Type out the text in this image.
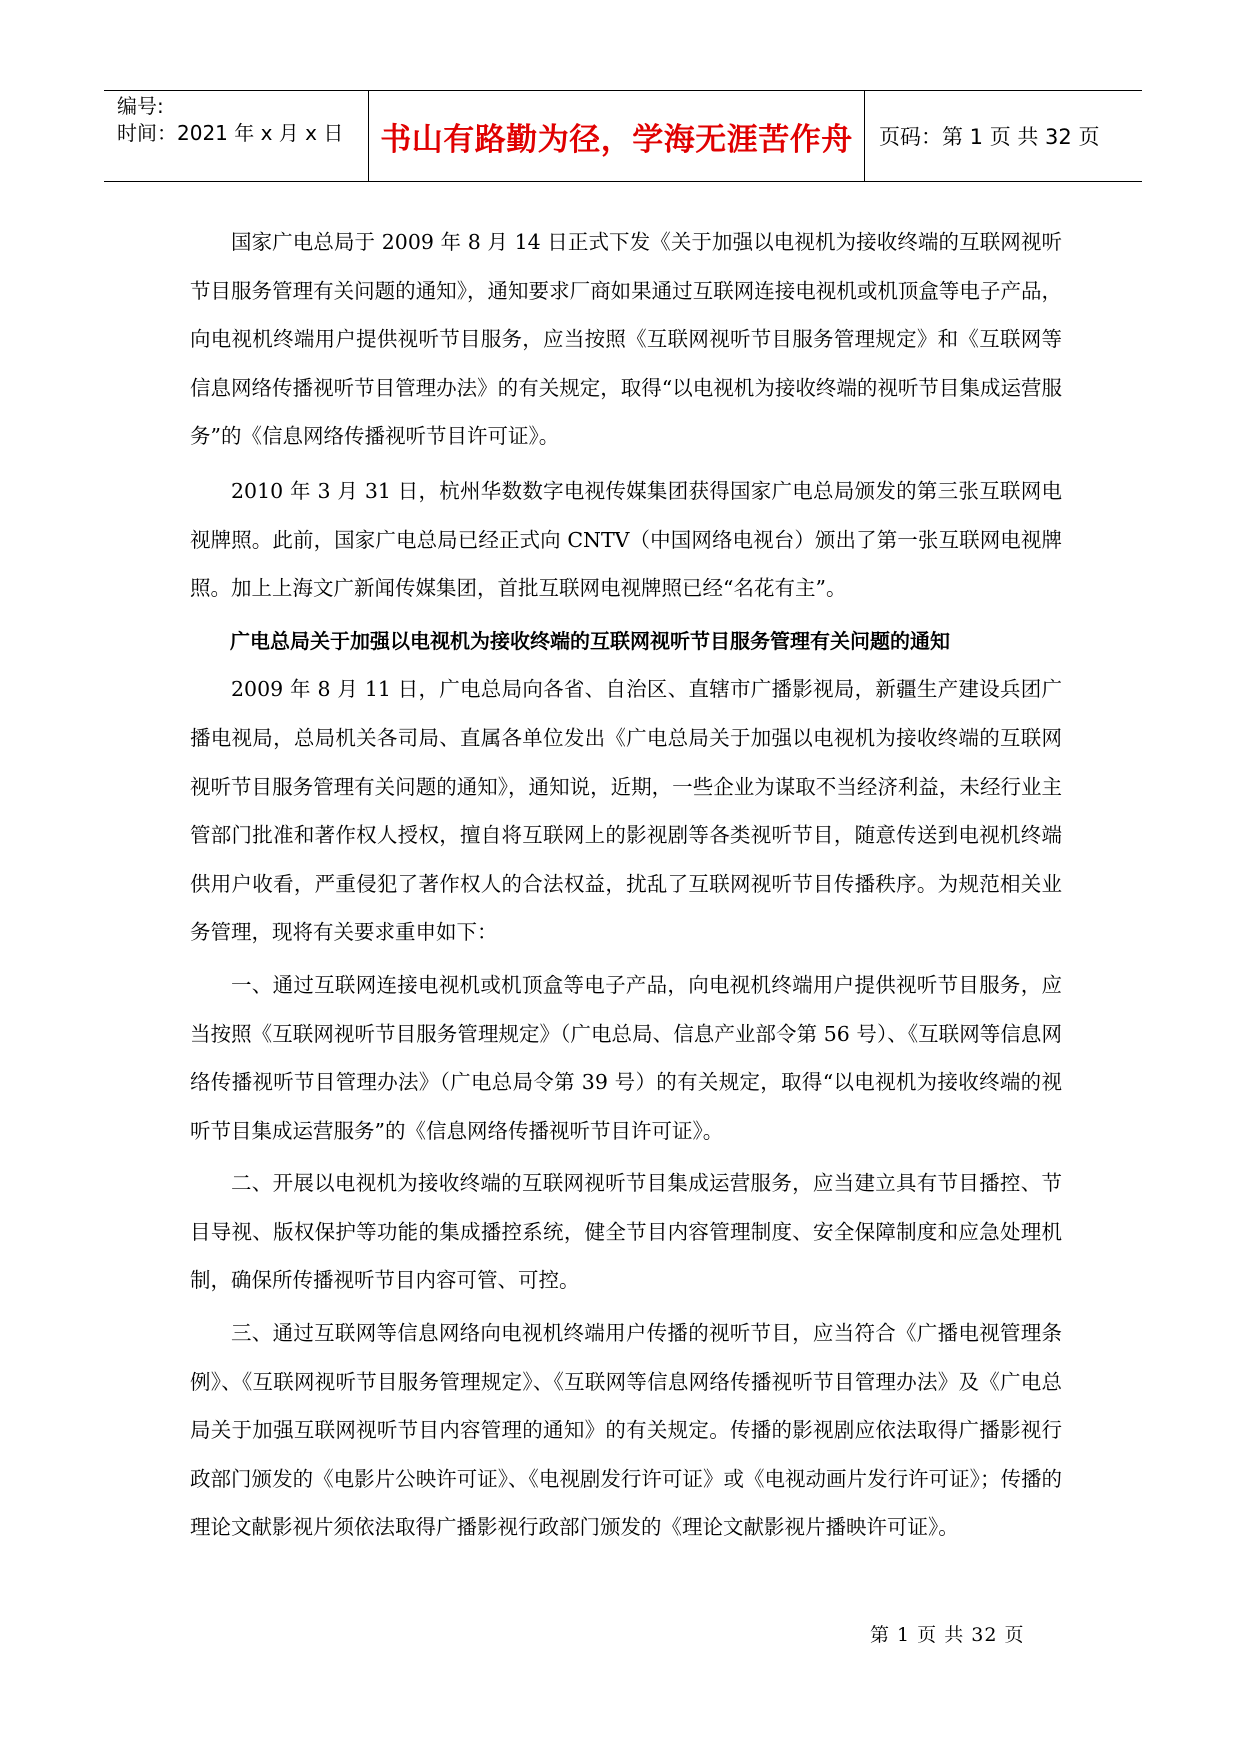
编号:
时间：2021 年 x 月 x 日	书山有路勤为径，学海无涯苦作舟	页码：第 1 页 共 32 页

国家广电总局于 2009 年 8 月 14 日正式下发《关于加强以电视机为接收终端的互联网视听节目服务管理有关问题的通知》，通知要求厂商如果通过互联网连接电视机或机顶盒等电子产品，向电视机终端用户提供视听节目服务，应当按照《互联网视听节目服务管理规定》和《互联网等信息网络传播视听节目管理办法》的有关规定，取得“以电视机为接收终端的视听节目集成运营服务”的《信息网络传播视听节目许可证》。

2010 年 3 月 31 日，杭州华数数字电视传媒集团获得国家广电总局颁发的第三张互联网电视牌照。此前，国家广电总局已经正式向 CNTV（中国网络电视台）颁出了第一张互联网电视牌照。加上上海文广新闻传媒集团，首批互联网电视牌照已经“名花有主”。

广电总局关于加强以电视机为接收终端的互联网视听节目服务管理有关问题的通知

2009 年 8 月 11 日，广电总局向各省、自治区、直辖市广播影视局，新疆生产建设兵团广播电视局，总局机关各司局、直属各单位发出《广电总局关于加强以电视机为接收终端的互联网视听节目服务管理有关问题的通知》，通知说，近期，一些企业为谋取不当经济利益，未经行业主管部门批准和著作权人授权，擅自将互联网上的影视剧等各类视听节目，随意传送到电视机终端供用户收看，严重侵犯了著作权人的合法权益，扰乱了互联网视听节目传播秩序。为规范相关业务管理，现将有关要求重申如下：

一、通过互联网连接电视机或机顶盒等电子产品，向电视机终端用户提供视听节目服务，应当按照《互联网视听节目服务管理规定》（广电总局、信息产业部令第 56 号）、《互联网等信息网络传播视听节目管理办法》（广电总局令第 39 号）的有关规定，取得“以电视机为接收终端的视听节目集成运营服务”的《信息网络传播视听节目许可证》。

二、开展以电视机为接收终端的互联网视听节目集成运营服务，应当建立具有节目播控、节目导视、版权保护等功能的集成播控系统，健全节目内容管理制度、安全保障制度和应急处理机制，确保所传播视听节目内容可管、可控。

三、通过互联网等信息网络向电视机终端用户传播的视听节目，应当符合《广播电视管理条例》、《互联网视听节目服务管理规定》、《互联网等信息网络传播视听节目管理办法》及《广电总局关于加强互联网视听节目内容管理的通知》的有关规定。传播的影视剧应依法取得广播影视行政部门颁发的《电影片公映许可证》、《电视剧发行许可证》或《电视动画片发行许可证》；传播的理论文献影视片须依法取得广播影视行政部门颁发的《理论文献影视片播映许可证》。

第 1 页 共 32 页
